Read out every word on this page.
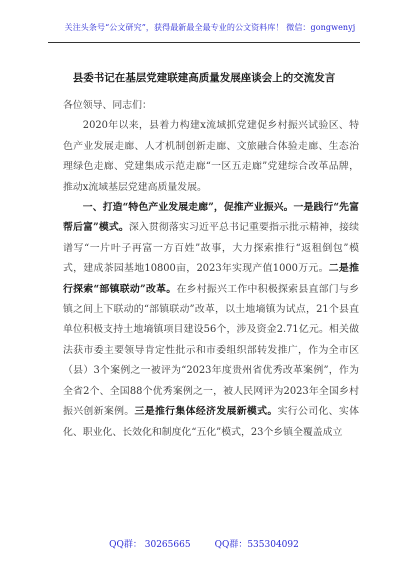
关注头条号“公文研究”，获得最新最全最专业的公文资料库！ 微信：gongwenyj
县委书记在基层党建联建高质量发展座谈会上的交流发言

各位领导、同志们：

2020年以来，县着力构建x流域抓党建促乡村振兴试验区、特色产业发展走廊、人才机制创新走廊、文旅融合体验走廊、生态治理绿色走廊、党建集成示范走廊“一区五走廊”党建综合改革品牌，推动x流域基层党建高质量发展。

一、打造“特色产业发展走廊”，促推产业振兴。一是践行“先富帮后富”模式。深入贯彻落实习近平总书记重要指示批示精神，接续谱写“一片叶子再富一方百姓”故事，大力探索推行“返租倒包”模式，建成茶园基地10800亩，2023年实现产值1000万元。二是推行探索“部镇联动”改革。在乡村振兴工作中积极探索县直部门与乡镇之间上下联动的“部镇联动”改革，以土地墒镇为试点，21个县直单位积极支持土地墒镇项目建设56个，涉及资金2.71亿元。相关做法获市委主要领导肯定性批示和市委组织部转发推广，作为全市区（县）3个案例之一被评为“2023年度贵州省优秀改革案例”，作为全省2个、全国88个优秀案例之一，被人民网评为2023年全国乡村振兴创新案例。三是推行集体经济发展新模式。实行公司化、实体化、职业化、长效化和制度化“五化”模式，23个乡镇全覆盖成立

QQ群： 30265665	QQ群：535304092
